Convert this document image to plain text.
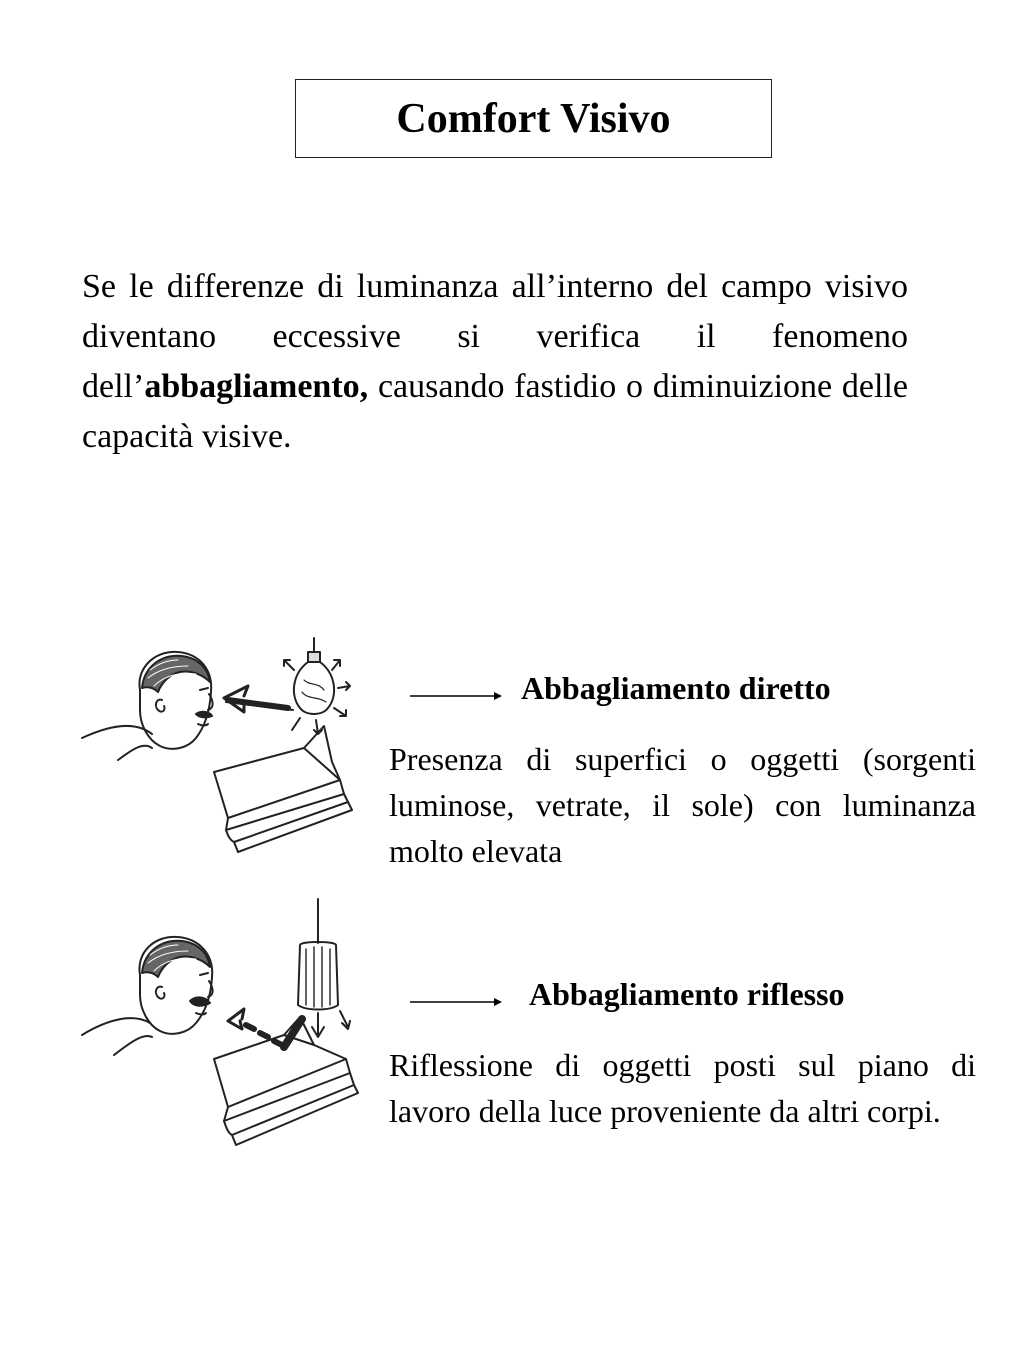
Comfort Visivo

Se le differenze di luminanza all’interno del campo visivo diventano eccessive si verifica il fenomeno dell’abbagliamento, causando fastidio o diminuizione delle capacità visive.

Abbagliamento diretto

Presenza di superfici o oggetti (sorgenti luminose, vetrate, il sole) con luminanza molto elevata

Abbagliamento riflesso

Riflessione di oggetti posti sul piano di lavoro della luce proveniente da altri corpi.
